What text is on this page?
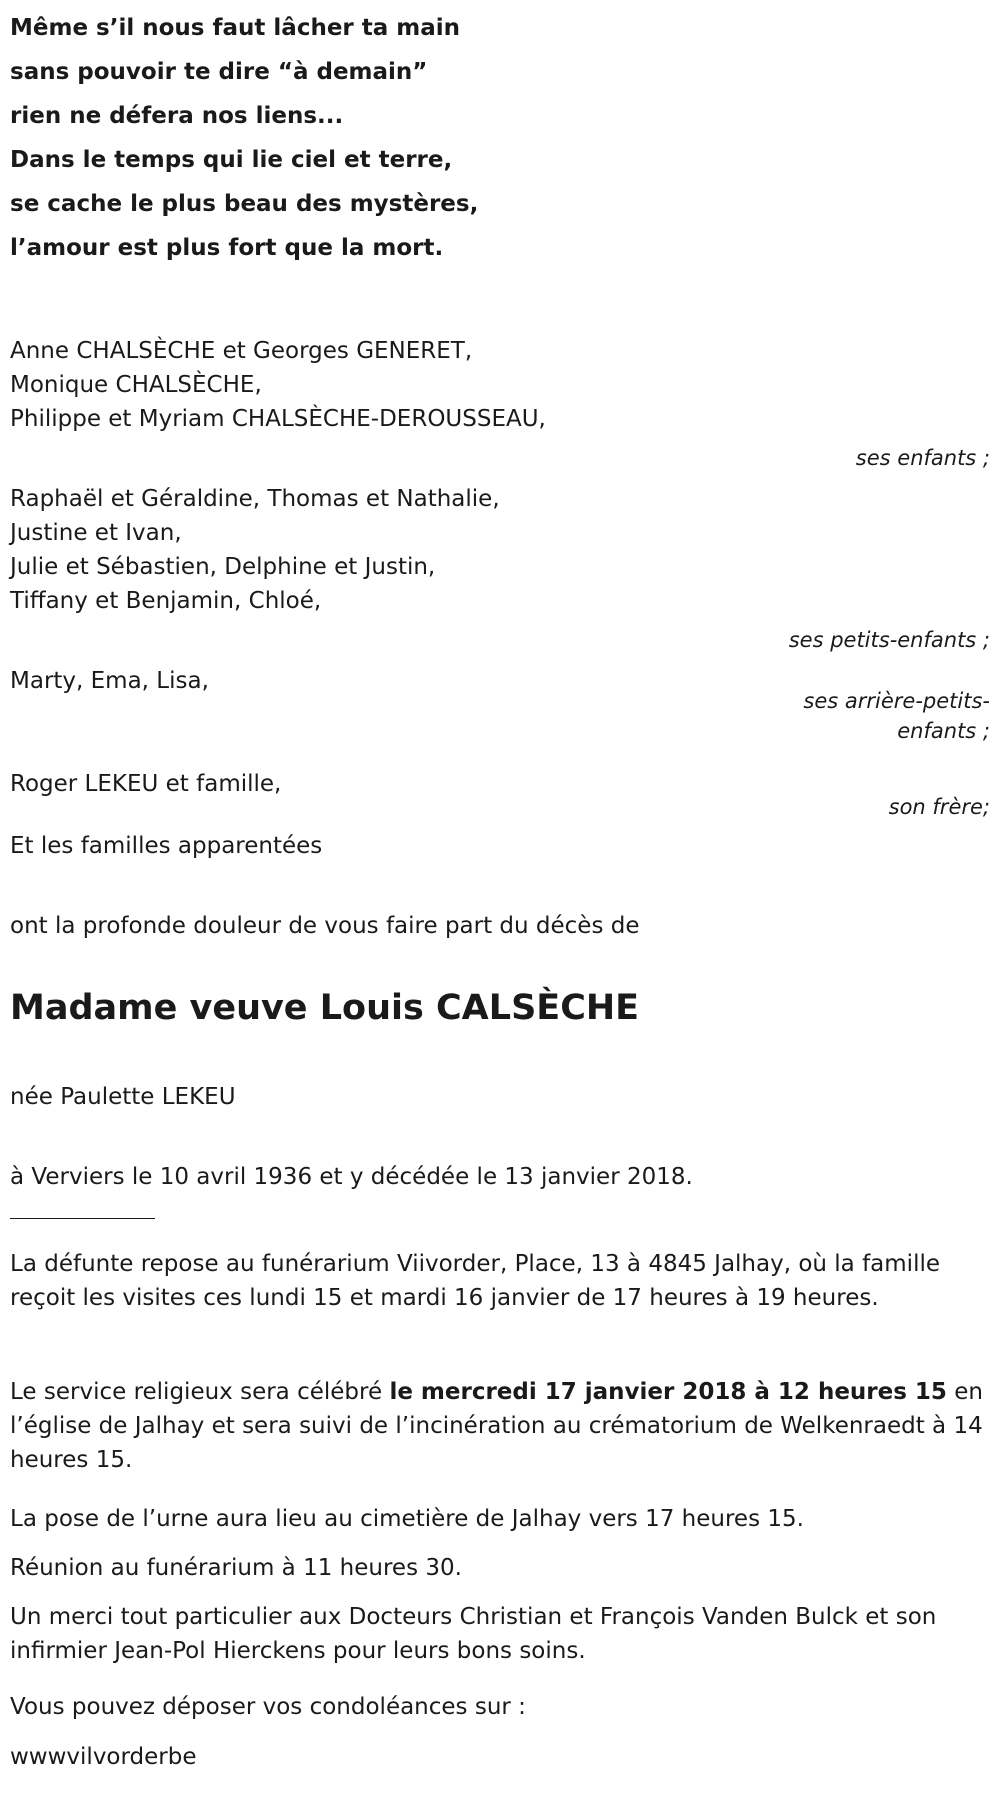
Même s’il nous faut lâcher ta main
sans pouvoir te dire “à demain”
rien ne défera nos liens...
Dans le temps qui lie ciel et terre,
se cache le plus beau des mystères,
l’amour est plus fort que la mort.
Anne CHALSÈCHE et Georges GENERET,
Monique CHALSÈCHE,
Philippe et Myriam CHALSÈCHE-DEROUSSEAU,
ses enfants ;
Raphaël et Géraldine, Thomas et Nathalie,
Justine et Ivan,
Julie et Sébastien, Delphine et Justin,
Tiffany et Benjamin, Chloé,
ses petits-enfants ;
Marty, Ema, Lisa,
ses arrière-petits-
enfants ;
Roger LEKEU et famille,
son frère;
Et les familles apparentées
ont la profonde douleur de vous faire part du décès de
Madame veuve Louis CALSÈCHE
née Paulette LEKEU
à Verviers le 10 avril 1936 et y décédée le 13 janvier 2018.
La défunte repose au funérarium Viivorder, Place, 13 à 4845 Jalhay, où la famille reçoit les visites ces lundi 15 et mardi 16 janvier de 17 heures à 19 heures.
Le service religieux sera célébré le mercredi 17 janvier 2018 à 12 heures 15 en l’église de Jalhay et sera suivi de l’incinération au crématorium de Welkenraedt à 14 heures 15.
La pose de l’urne aura lieu au cimetière de Jalhay vers 17 heures 15.
Réunion au funérarium à 11 heures 30.
Un merci tout particulier aux Docteurs Christian et François Vanden Bulck et son infirmier Jean-Pol Hierckens pour leurs bons soins.
Vous pouvez déposer vos condoléances sur :
wwwvilvorderbe
